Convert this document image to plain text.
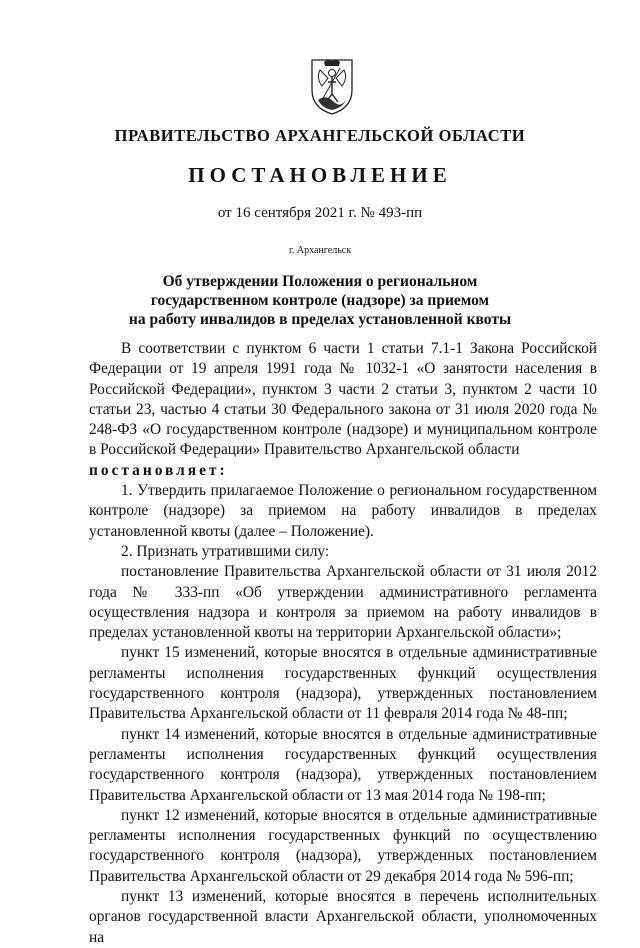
ПРАВИТЕЛЬСТВО АРХАНГЕЛЬСКОЙ ОБЛАСТИ
ПОСТАНОВЛЕНИЕ
от 16 сентября 2021 г. № 493-пп
г. Архангельск
Об утверждении Положения о региональном
государственном контроле (надзоре) за приемом
на работу инвалидов в пределах установленной квоты

В соответствии с пунктом 6 части 1 статьи 7.1-1 Закона Российской Федерации от 19 апреля 1991 года № 1032-1 «О занятости населения в Российской Федерации», пунктом 3 части 2 статьи 3, пунктом 2 части 10 статьи 23, частью 4 статьи 30 Федерального закона от 31 июля 2020 года № 248-ФЗ «О государственном контроле (надзоре) и муниципальном контроле в Российской Федерации» Правительство Архангельской области

постановляет:

1. Утвердить прилагаемое Положение о региональном государственном контроле (надзоре) за приемом на работу инвалидов в пределах установленной квоты (далее – Положение).

2. Признать утратившими силу:

постановление Правительства Архангельской области от 31 июля 2012 года № 333-пп «Об утверждении административного регламента осуществления надзора и контроля за приемом на работу инвалидов в пределах установленной квоты на территории Архангельской области»;

пункт 15 изменений, которые вносятся в отдельные административные регламенты исполнения государственных функций осуществления государственного контроля (надзора), утвержденных постановлением Правительства Архангельской области от 11 февраля 2014 года № 48-пп;

пункт 14 изменений, которые вносятся в отдельные административные регламенты исполнения государственных функций осуществления государственного контроля (надзора), утвержденных постановлением Правительства Архангельской области от 13 мая 2014 года № 198-пп;

пункт 12 изменений, которые вносятся в отдельные административные регламенты исполнения государственных функций по осуществлению государственного контроля (надзора), утвержденных постановлением Правительства Архангельской области от 29 декабря 2014 года № 596-пп;

пункт 13 изменений, которые вносятся в перечень исполнительных органов государственной власти Архангельской области, уполномоченных на
